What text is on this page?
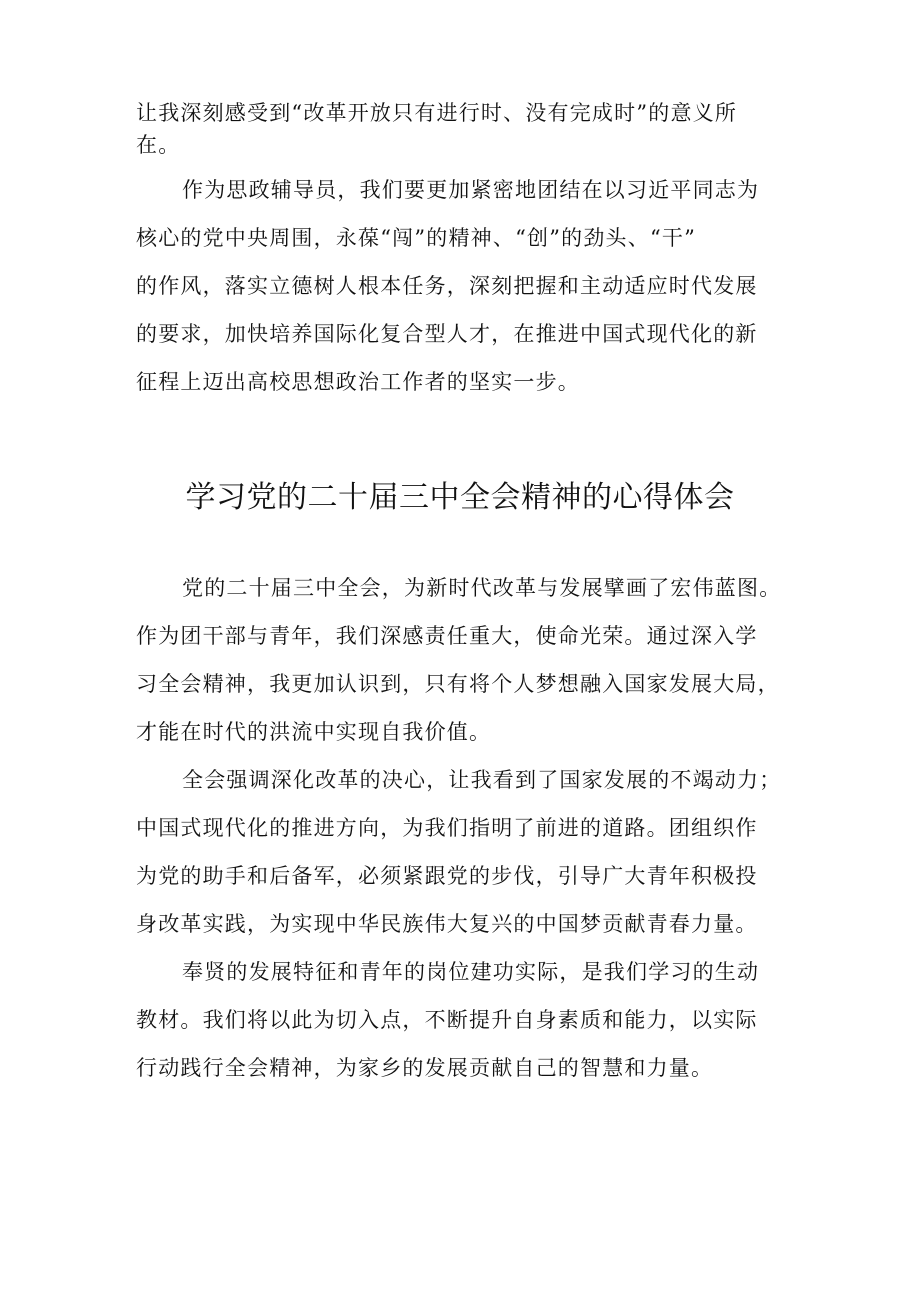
让我深刻感受到“改革开放只有进行时、没有完成时”的意义所
在。
作为思政辅导员，我们要更加紧密地团结在以习近平同志为
核心的党中央周围，永葆“闯”的精神、“创”的劲头、“干”
的作风，落实立德树人根本任务，深刻把握和主动适应时代发展
的要求，加快培养国际化复合型人才，在推进中国式现代化的新
征程上迈出高校思想政治工作者的坚实一步。
学习党的二十届三中全会精神的心得体会
党的二十届三中全会，为新时代改革与发展擘画了宏伟蓝图。
作为团干部与青年，我们深感责任重大，使命光荣。通过深入学
习全会精神，我更加认识到，只有将个人梦想融入国家发展大局，
才能在时代的洪流中实现自我价值。
全会强调深化改革的决心，让我看到了国家发展的不竭动力；
中国式现代化的推进方向，为我们指明了前进的道路。团组织作
为党的助手和后备军，必须紧跟党的步伐，引导广大青年积极投
身改革实践，为实现中华民族伟大复兴的中国梦贡献青春力量。
奉贤的发展特征和青年的岗位建功实际，是我们学习的生动
教材。我们将以此为切入点，不断提升自身素质和能力，以实际
行动践行全会精神，为家乡的发展贡献自己的智慧和力量。
